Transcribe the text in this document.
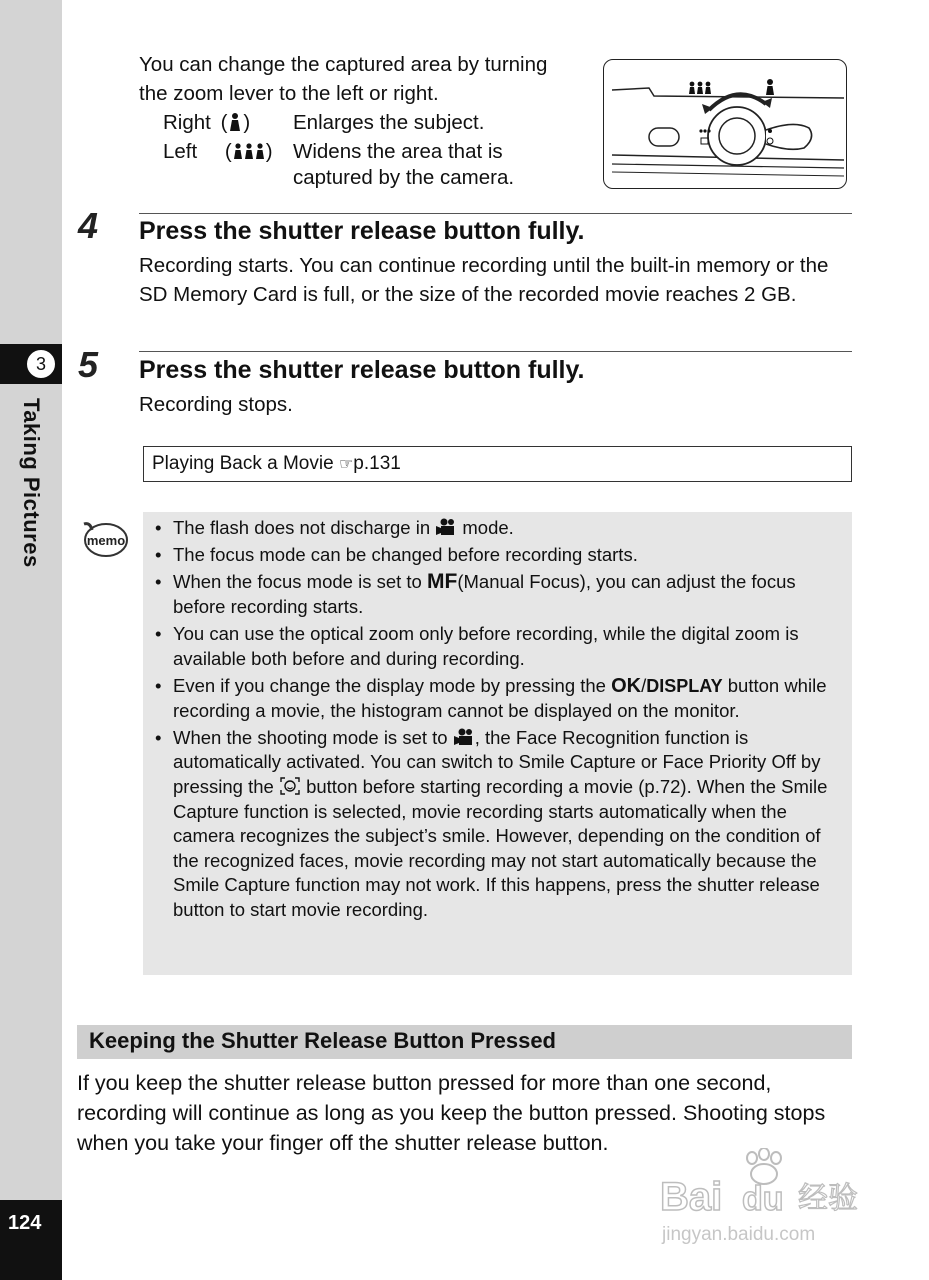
3
Taking Pictures
124
You can change the captured area by turning the zoom lever to the left or right.
Right ( ) Enlarges the subject.
Left ( ) Widens the area that is
captured by the camera.
4 Press the shutter release button fully.
Recording starts. You can continue recording until the built-in memory or the SD Memory Card is full, or the size of the recorded movie reaches 2 GB.
5 Press the shutter release button fully.
Recording stops.
Playing Back a Movie ☞p.131
memo
• The flash does not discharge in mode.
• The focus mode can be changed before recording starts.
• When the focus mode is set to MF(Manual Focus), you can adjust the focus before recording starts.
• You can use the optical zoom only before recording, while the digital zoom is available both before and during recording.
• Even if you change the display mode by pressing the OK/DISPLAY button while recording a movie, the histogram cannot be displayed on the monitor.
• When the shooting mode is set to , the Face Recognition function is automatically activated. You can switch to Smile Capture or Face Priority Off by pressing the button before starting recording a movie (p.72). When the Smile Capture function is selected, movie recording starts automatically when the camera recognizes the subject’s smile. However, depending on the condition of the recognized faces, movie recording may not start automatically because the Smile Capture function may not work. If this happens, press the shutter release button to start movie recording.
Keeping the Shutter Release Button Pressed
If you keep the shutter release button pressed for more than one second, recording will continue as long as you keep the button pressed. Shooting stops when you take your finger off the shutter release button.
Bai du 经验
jingyan.baidu.com
